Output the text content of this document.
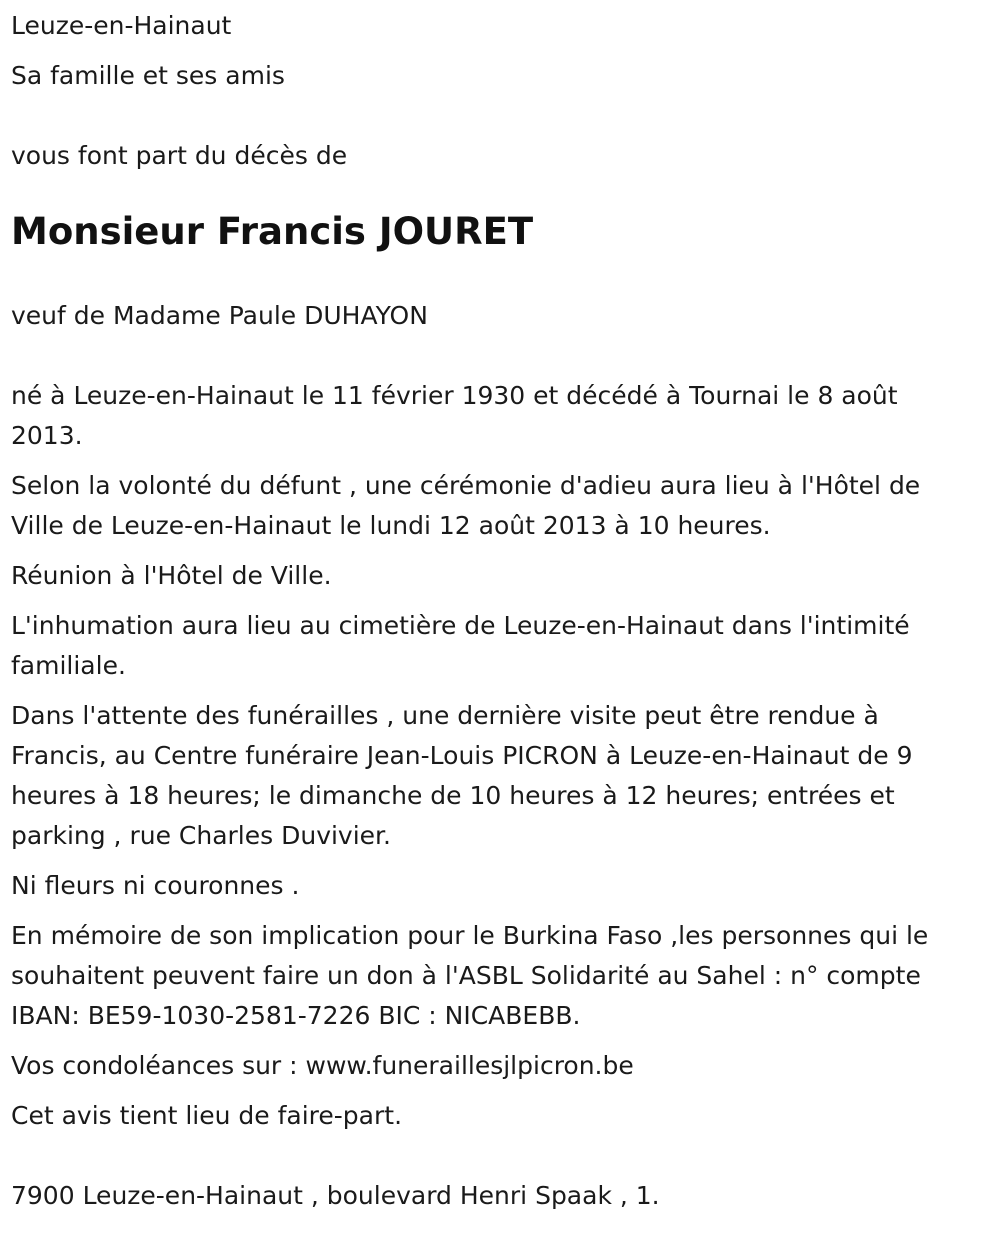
Leuze-en-Hainaut

Sa famille et ses amis

vous font part du décès de

Monsieur Francis JOURET

veuf de Madame Paule DUHAYON

né à Leuze-en-Hainaut le 11 février 1930 et décédé à Tournai le 8 août

2013.

Selon la volonté du défunt , une cérémonie d'adieu aura lieu à l'Hôtel de

Ville de Leuze-en-Hainaut le lundi 12 août 2013 à 10 heures.

Réunion à l'Hôtel de Ville.

L'inhumation aura lieu au cimetière de Leuze-en-Hainaut dans l'intimité

familiale.

Dans l'attente des funérailles , une dernière visite peut être rendue à

Francis, au Centre funéraire Jean-Louis PICRON à Leuze-en-Hainaut de 9

heures à 18 heures; le dimanche de 10 heures à 12 heures; entrées et

parking , rue Charles Duvivier.

Ni fleurs ni couronnes .

En mémoire de son implication pour le Burkina Faso ,les personnes qui le

souhaitent peuvent faire un don à l'ASBL Solidarité au Sahel : n° compte

IBAN: BE59-1030-2581-7226 BIC : NICABEBB.

Vos condoléances sur : www.funeraillesjlpicron.be

Cet avis tient lieu de faire-part.

7900 Leuze-en-Hainaut , boulevard Henri Spaak , 1.
